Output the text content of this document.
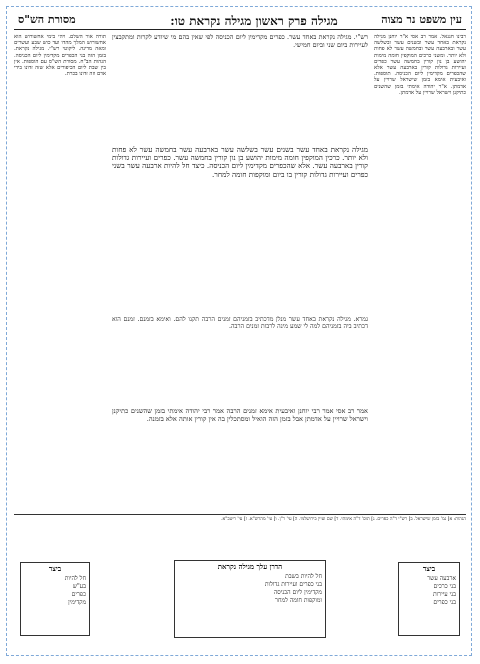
עין משפט נר מצוה
מגילה פרק ראשון מגילה נקראת טו:
מסורת הש"ס
רבינו חננאל. אמר רב אסי א"ר יוחנן מגילה נקראת באחד עשר ובשנים עשר ובשלשה עשר ובארבעה עשר ובחמשה עשר לא פחות ולא יותר. ומשני כרכים המוקפין חומה מימות יהושע בן נון קורין בחמשה עשר כפרים ועיירות גדולות קורין בארבעה עשר אלא שהכפרים מקדימין ליום הכניסה. תוספות. ואיבעית אימא בזמן שישראל שרויין על אדמתן. א"ר יהודה אימתי בזמן שהשנים כתיקנן וישראל שרויין על אדמתן.
תורה אור השלם. ויהי בימי אחשורוש הוא אחשורוש המלך מהדו ועד כוש שבע ועשרים ומאה מדינה. ליקוטי רש"י. מגילה נקראת. בזמן הזה בני הכפרים מקדימין ליום הכניסה. הגהות הב"ח. מסורת הש"ס עם הוספות. אין בין שבת ליום הכיפורים אלא שזה זדונו בידי אדם וזה זדונו בכרת.
רש"י. מגילה נקראת באחד עשר. כפרים מקדימין ליום הכניסה לפי שאין בהם מי שיודע לקרות ומתקבצין לעיירות ביום שני וביום חמישי.
מגילה נקראת באחד עשר בשנים עשר בשלשה עשר בארבעה עשר בחמשה עשר לא פחות ולא יותר. כרכין המוקפין חומה מימות יהושע בן נון קורין בחמשה עשר. כפרים ועיירות גדולות קורין בארבעה עשר. אלא שהכפרים מקדימין ליום הכניסה. כיצד חל להיות ארבעה עשר בשני כפרים ועיירות גדולות קורין בו ביום ומוקפות חומה למחר.
גמרא. מגילה נקראת באחד עשר מנלן מדכתיב בזמניהם זמנים הרבה תקנו להם. ואימא בזמנם. זמנם הוא דכתיב ביה בזמניהם למה לי שמע מינה לרבות זמנים הרבה.
אמר רב אסי אמר רבי יוחנן ואיבעית אימא זמנים הרבה אמר רבי יהודה אימתי בזמן שהשנים כתיקנן וישראל שרויין על אדמתן אבל בזמן הזה הואיל ומסתכלין בה אין קורין אותה אלא בזמנה.
הגהות: א] גמ' בזמן שישראל. ב] רש"י ד"ה כפרים. ג] תוס' ד"ה אימתי. ד] שם ועיין בירושלמי. ה] עי' ר"ן. ו] עי' מהרש"א. ז] עי' ריטב"א.
ביצד
ארבעה עשר
בני כרכים
בני עיירות
בני כפרים
הדרן עלך מגילה נקראת
חל להיות בשבת
בני כפרים ועיירות גדולות
מקדימין ליום הכניסה
ומוקפות חומה למחר
ביצד
חל להיות
בע"ש
כפרים
מקדימין
